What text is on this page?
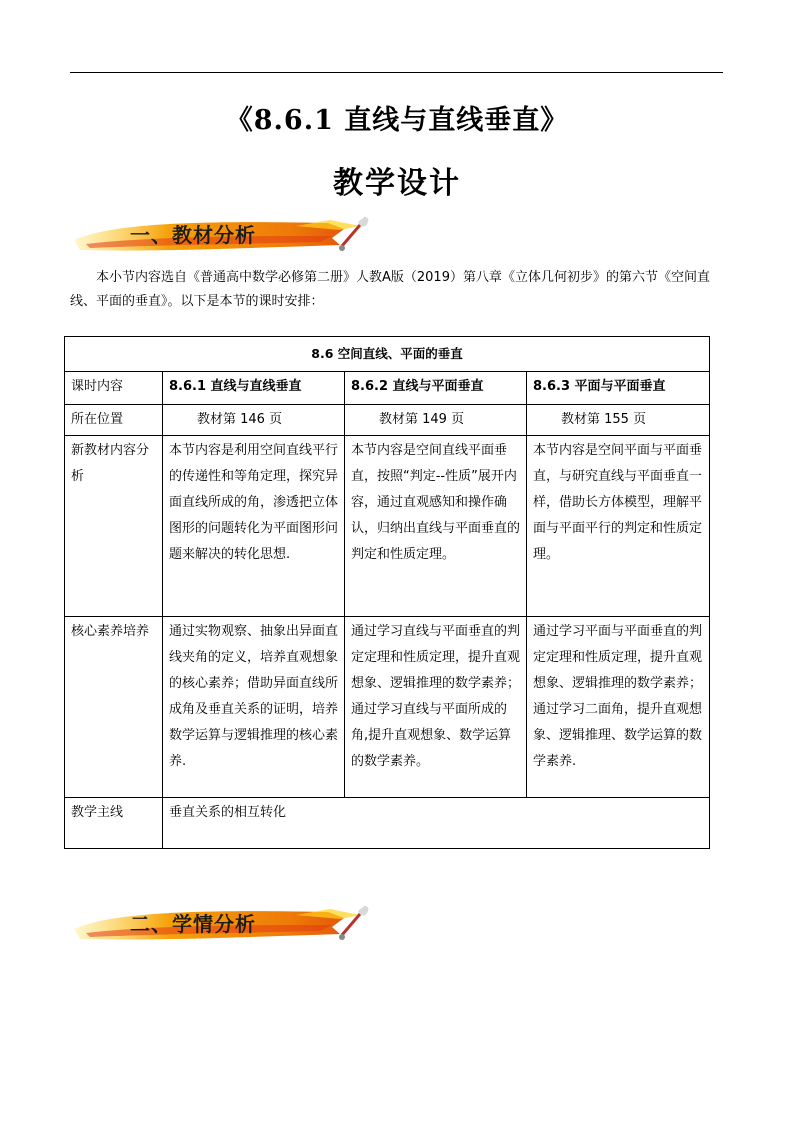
《8.6.1 直线与直线垂直》
教学设计
一、教材分析
本小节内容选自《普通高中数学必修第二册》人教A版（2019）第八章《立体几何初步》的第六节《空间直线、平面的垂直》。以下是本节的课时安排：
8.6 空间直线、平面的垂直			
课时内容	8.6.1 直线与直线垂直	8.6.2 直线与平面垂直	8.6.3 平面与平面垂直
所在位置	教材第 146 页	教材第 149 页	教材第 155 页
新教材内容分析	本节内容是利用空间直线平行的传递性和等角定理，探究异面直线所成的角，渗透把立体图形的问题转化为平面图形问题来解决的转化思想.	本节内容是空间直线平面垂直，按照“判定--性质”展开内容，通过直观感知和操作确认，归纳出直线与平面垂直的判定和性质定理。	本节内容是空间平面与平面垂直，与研究直线与平面垂直一样，借助长方体模型，理解平面与平面平行的判定和性质定理。
核心素养培养	通过实物观察、抽象出异面直线夹角的定义，培养直观想象的核心素养；借助异面直线所成角及垂直关系的证明，培养数学运算与逻辑推理的核心素养.	通过学习直线与平面垂直的判定定理和性质定理，提升直观想象、逻辑推理的数学素养；通过学习直线与平面所成的角,提升直观想象、数学运算的数学素养。	通过学习平面与平面垂直的判定定理和性质定理，提升直观想象、逻辑推理的数学素养；通过学习二面角，提升直观想象、逻辑推理、数学运算的数学素养.
教学主线	垂直关系的相互转化		
二、学情分析
